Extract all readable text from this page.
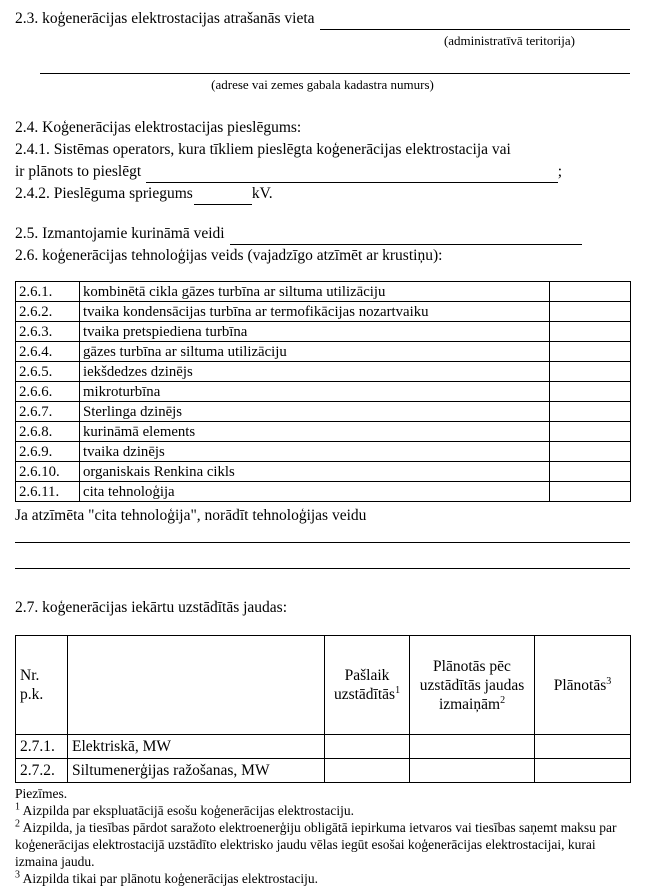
2.3. koģenerācijas elektrostacijas atrašanās vieta
(administratīvā teritorija)
(adrese vai zemes gabala kadastra numurs)

2.4. Koģenerācijas elektrostacijas pieslēgums:

2.4.1. Sistēmas operators, kura tīkliem pieslēgta koģenerācijas elektrostacija vai

ir plānots to pieslēgt	;
2.4.2. Pieslēguma spriegums	kV.
2.5. Izmantojamie kurināmā veidi

2.6. koģenerācijas tehnoloģijas veids (vajadzīgo atzīmēt ar krustiņu):

2.6.1.	kombinētā cikla gāzes turbīna ar siltuma utilizāciju	
2.6.2.	tvaika kondensācijas turbīna ar termofikācijas nozartvaiku	
2.6.3.	tvaika pretspiediena turbīna	
2.6.4.	gāzes turbīna ar siltuma utilizāciju	
2.6.5.	iekšdedzes dzinējs	
2.6.6.	mikroturbīna	
2.6.7.	Sterlinga dzinējs	
2.6.8.	kurināmā elements	
2.6.9.	tvaika dzinējs	
2.6.10.	organiskais Renkina cikls	
2.6.11.	cita tehnoloģija	

Ja atzīmēta "cita tehnoloģija", norādīt tehnoloģijas veidu

2.7. koģenerācijas iekārtu uzstādītās jaudas:

Nr. p.k.		Pašlaik uzstādītās$^1$	Plānotās pēc uzstādītās jaudas izmaiņām$^2$	Plānotās$^3$
2.7.1.	Elektriskā, MW			
2.7.2.	Siltumenerģijas ražošanas, MW			

Piezīmes.

$^1$ Aizpilda par ekspluatācijā esošu koģenerācijas elektrostaciju.

$^2$ Aizpilda, ja tiesības pārdot saražoto elektroenerģiju obligātā iepirkuma ietvaros vai tiesības saņemt maksu par koģenerācijas elektrostacijā uzstādīto elektrisko jaudu vēlas iegūt esošai koģenerācijas elektrostacijai, kurai izmaina jaudu.

$^3$ Aizpilda tikai par plānotu koģenerācijas elektrostaciju.
